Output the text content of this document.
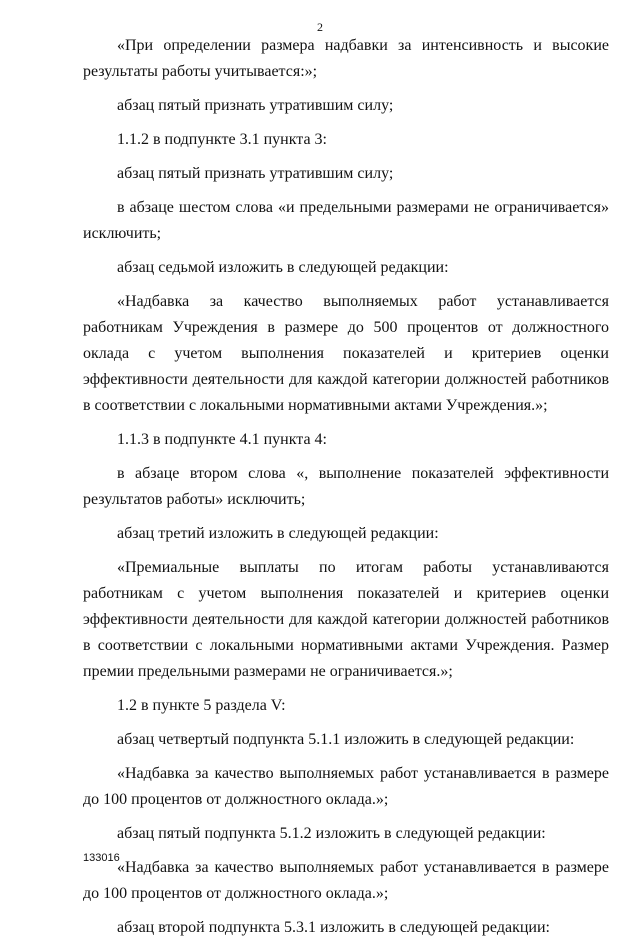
2

«При определении размера надбавки за интенсивность и высокие результаты работы учитывается:»;

абзац пятый признать утратившим силу;

1.1.2 в подпункте 3.1 пункта 3:

абзац пятый признать утратившим силу;

в абзаце шестом слова «и предельными размерами не ограничивается» исключить;

абзац седьмой изложить в следующей редакции:

«Надбавка за качество выполняемых работ устанавливается работникам Учреждения в размере до 500 процентов от должностного оклада с учетом выполнения показателей и критериев оценки эффективности деятельности для каждой категории должностей работников в соответствии с локальными нормативными актами Учреждения.»;

1.1.3 в подпункте 4.1 пункта 4:

в абзаце втором слова «, выполнение показателей эффективности результатов работы» исключить;

абзац третий изложить в следующей редакции:

«Премиальные выплаты по итогам работы устанавливаются работникам с учетом выполнения показателей и критериев оценки эффективности деятельности для каждой категории должностей работников в соответствии с локальными нормативными актами Учреждения. Размер премии предельными размерами не ограничивается.»;

1.2 в пункте 5 раздела V:

абзац четвертый подпункта 5.1.1 изложить в следующей редакции:

«Надбавка за качество выполняемых работ устанавливается в размере до 100 процентов от должностного оклада.»;

абзац пятый подпункта 5.1.2 изложить в следующей редакции:

«Надбавка за качество выполняемых работ устанавливается в размере до 100 процентов от должностного оклада.»;

абзац второй подпункта 5.3.1 изложить в следующей редакции:

133016
